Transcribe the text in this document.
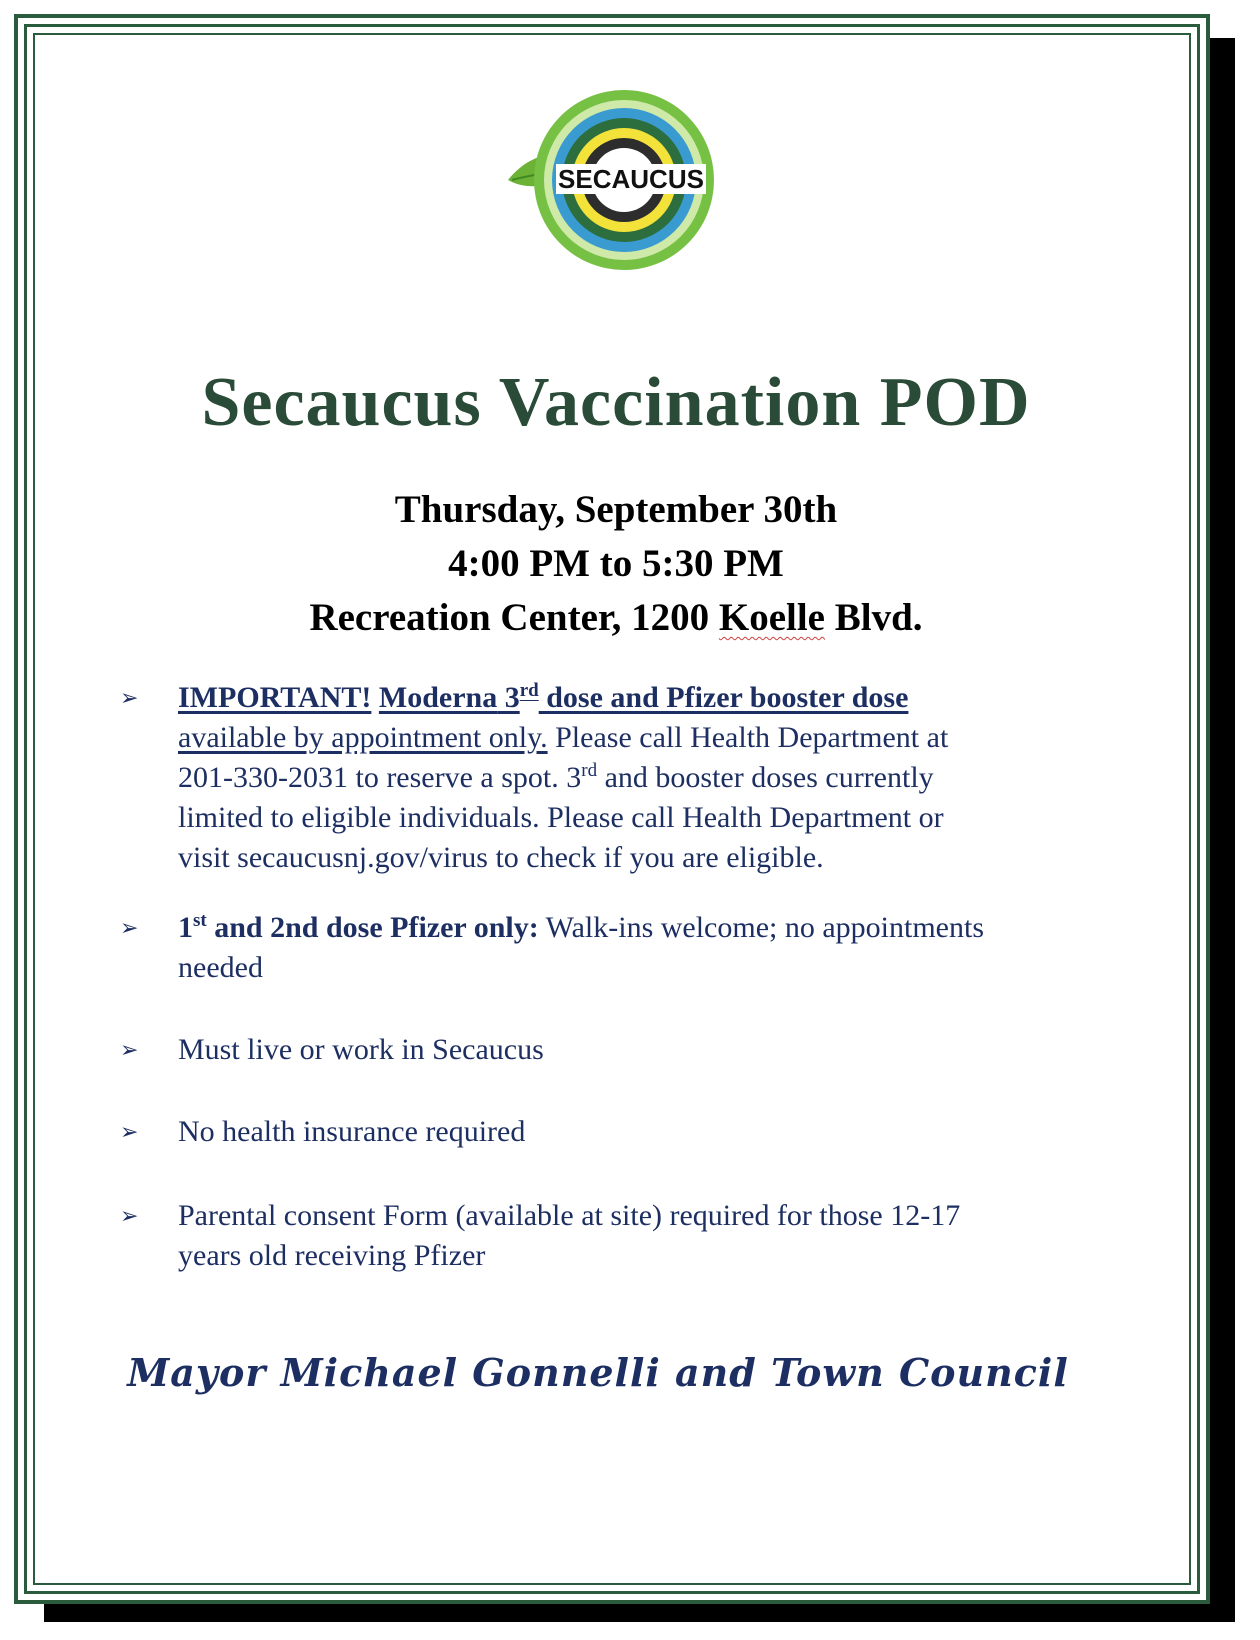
SECAUCUS
Secaucus Vaccination POD
Thursday, September 30th
4:00 PM to 5:30 PM
Recreation Center, 1200 Koelle Blvd.
➢	IMPORTANT! Moderna 3rd dose and Pfizer booster dose
available by appointment only. Please call Health Department at
201-330-2031 to reserve a spot. 3rd and booster doses currently
limited to eligible individuals. Please call Health Department or
visit secaucusnj.gov/virus to check if you are eligible.
➢	1st and 2nd dose Pfizer only: Walk-ins welcome; no appointments
needed
➢	Must live or work in Secaucus
➢	No health insurance required
➢	Parental consent Form (available at site) required for those 12-17
years old receiving Pfizer
Mayor Michael Gonnelli and Town Council
